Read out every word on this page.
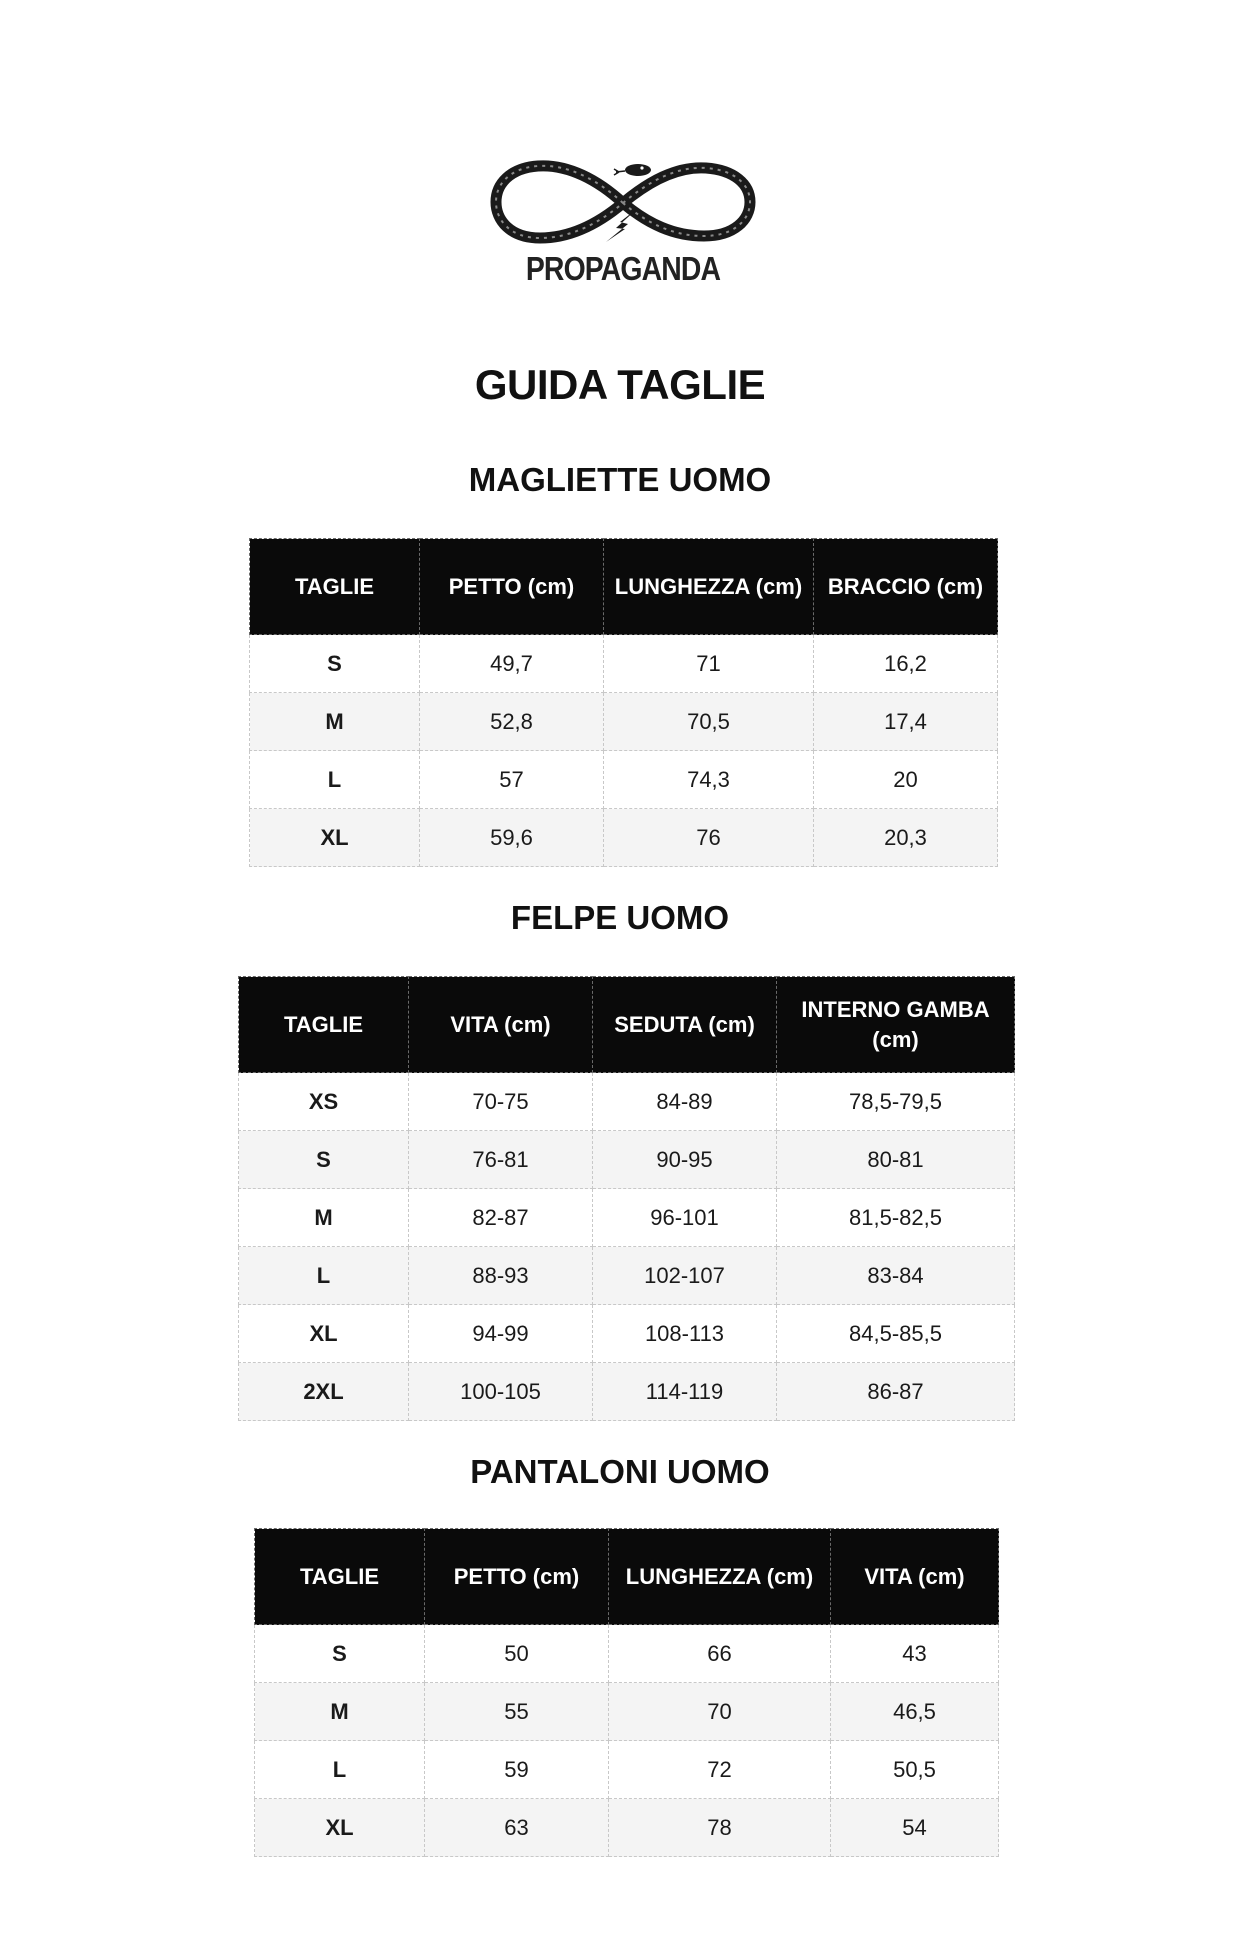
PROPAGANDA
GUIDA TAGLIE
MAGLIETTE UOMO
TAGLIE	PETTO (cm)	LUNGHEZZA (cm)	BRACCIO (cm)
S	49,7	71	16,2
M	52,8	70,5	17,4
L	57	74,3	20
XL	59,6	76	20,3
FELPE UOMO
TAGLIE	VITA (cm)	SEDUTA (cm)	INTERNO GAMBA (cm)
XS	70-75	84-89	78,5-79,5
S	76-81	90-95	80-81
M	82-87	96-101	81,5-82,5
L	88-93	102-107	83-84
XL	94-99	108-113	84,5-85,5
2XL	100-105	114-119	86-87
PANTALONI UOMO
TAGLIE	PETTO (cm)	LUNGHEZZA (cm)	VITA (cm)
S	50	66	43
M	55	70	46,5
L	59	72	50,5
XL	63	78	54
